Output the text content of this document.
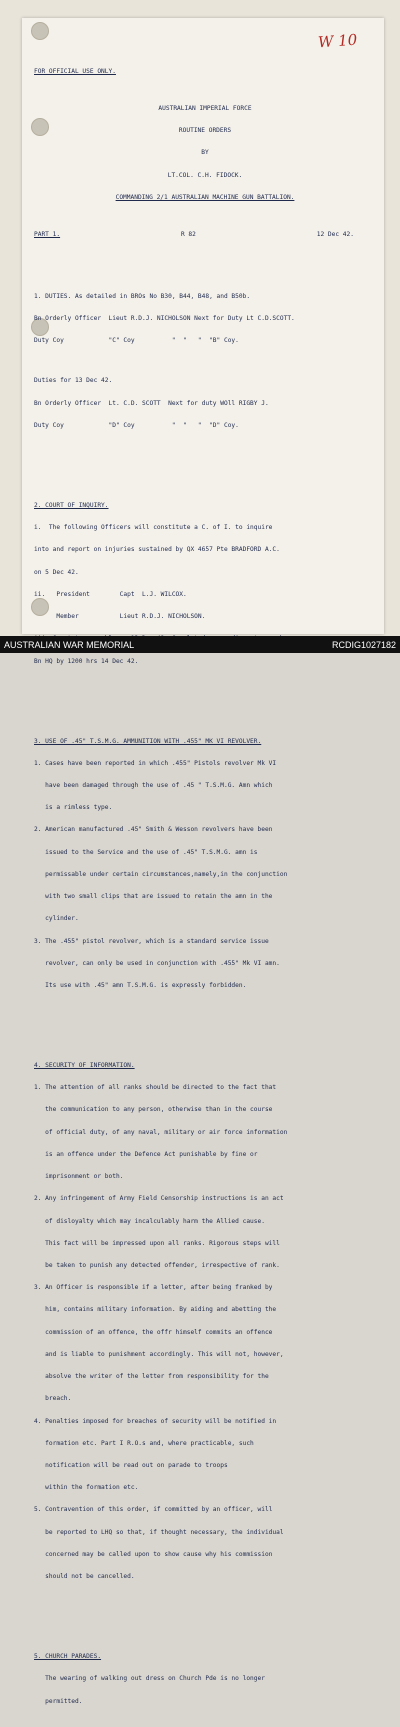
W 10

FOR OFFICIAL USE ONLY.

AUSTRALIAN IMPERIAL FORCE

ROUTINE ORDERS

BY

LT.COL. C.H. FIDOCK.

COMMANDING 2/1 AUSTRALIAN MACHINE GUN BATTALION.

PART 1.	R 82	12 Dec 42.

1. DUTIES. As detailed in BROs No B30, B44, B48, and B50b.

Bn Orderly Officer  Lieut R.D.J. NICHOLSON Next for Duty Lt C.D.SCOTT.

Duty Coy            "C" Coy          "  "   "  "B" Coy.

Duties for 13 Dec 42.

Bn Orderly Officer  Lt. C.D. SCOTT  Next for duty WOll RIGBY J.

Duty Coy            "D" Coy          "  "   "  "D" Coy.

2. COURT OF INQUIRY.

i.  The following Officers will constitute a C. of I. to inquire

into and report on injuries sustained by QX 4657 Pte BRADFORD A.C.

on 5 Dec 42.

ii.   President        Capt  L.J. WILCOX.

Member           Lieut R.D.J. NICHOLSON.

Bn HQ by 1200 hrs 14 Dec 42.

3. USE OF .45" T.S.M.G. AMMUNITION WITH .455" MK VI REVOLVER.

1. Cases have been reported in which .455" Pistols revolver Mk VI

have been damaged through the use of .45 " T.S.M.G. Amn which

is a rimless type.

2. American manufactured .45" Smith & Wesson revolvers have been

issued to the Service and the use of .45" T.S.M.G. amn is

permissable under certain circumstances,namely,in the conjunction

with two small clips that are issued to retain the amn in the

cylinder.

3. The .455" pistol revolver, which is a standard service issue

revolver, can only be used in conjunction with .455" Mk VI amn.

Its use with .45" amn T.S.M.G. is expressly forbidden.

4. SECURITY OF INFORMATION.

1. The attention of all ranks should be directed to the fact that

the communication to any person, otherwise than in the course

of official duty, of any naval, military or air force information

is an offence under the Defence Act punishable by fine or

imprisonment or both.

2. Any infringement of Army Field Censorship instructions is an act

of disloyalty which may incalculably harm the Allied cause.

This fact will be impressed upon all ranks. Rigorous steps will

be taken to punish any detected offender, irrespective of rank.

3. An Officer is responsible if a letter, after being franked by

him, contains military information. By aiding and abetting the

commission of an offence, the offr himself commits an offence

and is liable to punishment accordingly. This will not, however,

absolve the writer of the letter from responsibility for the

breach.

4. Penalties imposed for breaches of security will be notified in

formation etc. Part I R.O.s and, where practicable, such

notification will be read out on parade to troops

within the formation etc.

5. Contravention of this order, if committed by an officer, will

be reported to LHQ so that, if thought necessary, the individual

concerned may be called upon to show cause why his commission

should not be cancelled.

5. CHURCH PARADES.

The wearing of walking out dress on Church Pde is no longer

permitted.

AUSTRALIAN WAR MEMORIAL	RCDIG1027182
